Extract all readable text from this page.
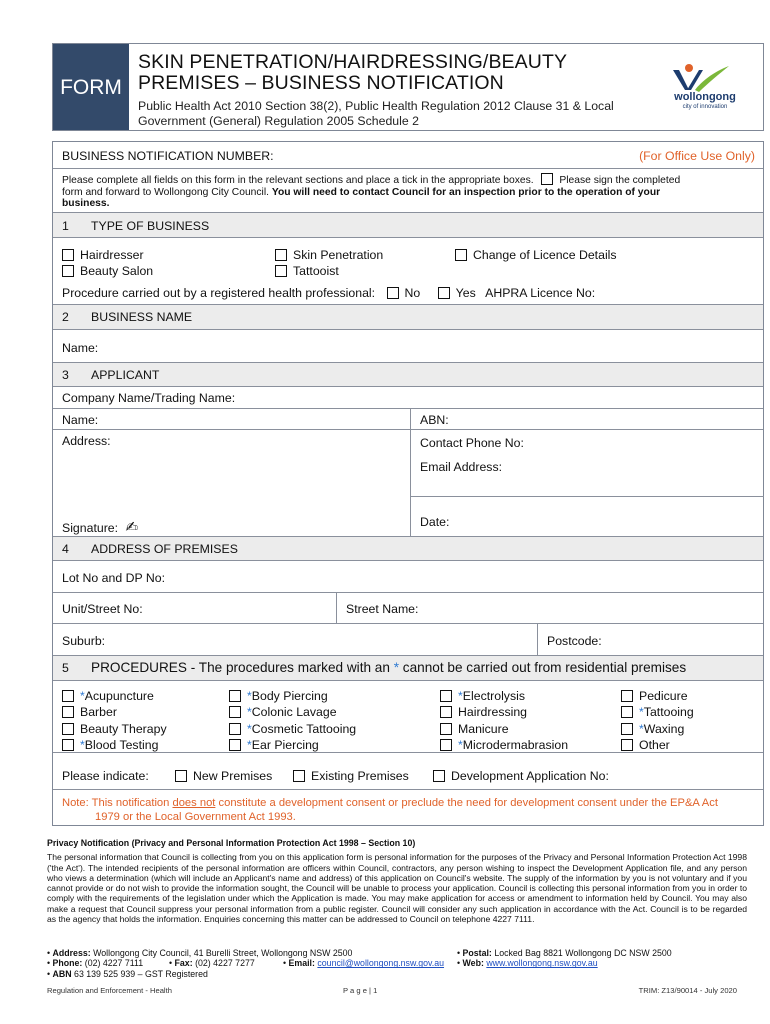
FORM
SKIN PENETRATION/HAIRDRESSING/BEAUTY
PREMISES – BUSINESS NOTIFICATION
Public Health Act 2010 Section 38(2), Public Health Regulation 2012 Clause 31 & Local
Government (General) Regulation 2005 Schedule 2
wollongong
city of innovation
BUSINESS NOTIFICATION NUMBER:	(For Office Use Only)
Please complete all fields on this form in the relevant sections and place a tick in the appropriate boxes.	Please sign the completed
form and forward to Wollongong City Council. You will need to contact Council for an inspection prior to the operation of your
business.
1 TYPE OF BUSINESS
Hairdresser
Beauty Salon
Skin Penetration
Tattooist
Change of Licence Details
Procedure carried out by a registered health professional: No	Yes AHPRA Licence No:
2 BUSINESS NAME
Name:
3 APPLICANT
Company Name/Trading Name:
Name:	ABN:
Address:
Signature: ✍
Contact Phone No:
Email Address:
Date:
4 ADDRESS OF PREMISES
Lot No and DP No:
Unit/Street No:	Street Name:
Suburb:	Postcode:
5 PROCEDURES - The procedures marked with an * cannot be carried out from residential premises
*Acupuncture
Barber
Beauty Therapy
*Blood Testing
*Body Piercing
*Colonic Lavage
*Cosmetic Tattooing
*Ear Piercing
*Electrolysis
Hairdressing
Manicure
*Microdermabrasion
Pedicure
*Tattooing
*Waxing
Other
Please indicate:	New Premises	Existing Premises	Development Application No:
Note: This notification does not constitute a development consent or preclude the need for development consent under the EP&A Act
1979 or the Local Government Act 1993.
Privacy Notification (Privacy and Personal Information Protection Act 1998 – Section 10)
The personal information that Council is collecting from you on this application form is personal information for the purposes of the Privacy and Personal Information Protection Act 1998 ('the Act'). The intended recipients of the personal information are officers within Council, contractors, any person wishing to inspect the Development Application file, and any person who views a determination (which will include an Applicant's name and address) of this application on Council's website. The supply of the information by you is not voluntary and if you cannot provide or do not wish to provide the information sought, the Council will be unable to process your application. Council is collecting this personal information from you in order to comply with the requirements of the legislation under which the Application is made. You may make application for access or amendment to information held by Council. You may also make a request that Council suppress your personal information from a public register. Council will consider any such application in accordance with the Act. Council is to be regarded as the agency that holds the information. Enquiries concerning this matter can be addressed to Council on telephone 4227 7111.
• Address: Wollongong City Council, 41 Burelli Street, Wollongong NSW 2500	• Postal: Locked Bag 8821 Wollongong DC NSW 2500
• Phone: (02) 4227 7111	• Fax: (02) 4227 7277	• Email: council@wollongong.nsw.gov.au • Web: www.wollongong.nsw.gov.au
• ABN 63 139 525 939 – GST Registered
Regulation and Enforcement - Health	P a g e | 1	TRIM: Z13/90014 - July 2020
